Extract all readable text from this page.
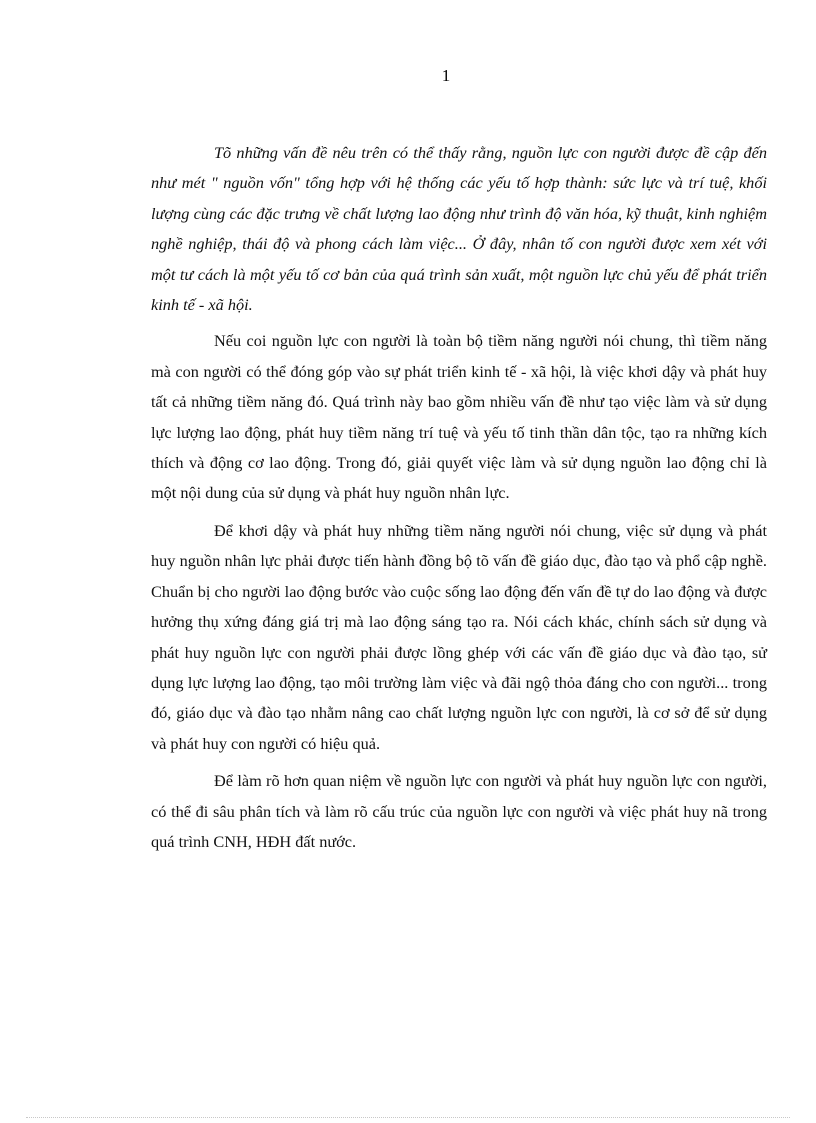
1

Tõ những vấn đề nêu trên có thể thấy rằng, nguồn lực con người được đề cập đến như mét " nguồn vốn" tổng hợp với hệ thống các yếu tố hợp thành: sức lực và trí tuệ, khối lượng cùng các đặc trưng về chất lượng lao động như trình độ văn hóa, kỹ thuật, kinh nghiệm nghề nghiệp, thái độ và phong cách làm việc... Ở đây, nhân tố con người được xem xét với một tư cách là một yếu tố cơ bản của quá trình sản xuất, một nguồn lực chủ yếu để phát triển kinh tế - xã hội.

Nếu coi nguồn lực con người là toàn bộ tiềm năng người nói chung, thì tiềm năng mà con người có thể đóng góp vào sự phát triển kinh tế - xã hội, là việc khơi dậy và phát huy tất cả những tiềm năng đó. Quá trình này bao gồm nhiều vấn đề như tạo việc làm và sử dụng lực lượng lao động, phát huy tiềm năng trí tuệ và yếu tố tinh thần dân tộc, tạo ra những kích thích và động cơ lao động. Trong đó, giải quyết việc làm và sử dụng nguồn lao động chỉ là một nội dung của sử dụng và phát huy nguồn nhân lực.

Để khơi dậy và phát huy những tiềm năng người nói chung, việc sử dụng và phát huy nguồn nhân lực phải được tiến hành đồng bộ tõ vấn đề giáo dục, đào tạo và phổ cập nghề. Chuẩn bị cho người lao động bước vào cuộc sống lao động đến vấn đề tự do lao động và được hưởng thụ xứng đáng giá trị mà lao động sáng tạo ra. Nói cách khác, chính sách sử dụng và phát huy nguồn lực con người phải được lồng ghép với các vấn đề giáo dục và đào tạo, sử dụng lực lượng lao động, tạo môi trường làm việc và đãi ngộ thỏa đáng cho con người... trong đó, giáo dục và đào tạo nhằm nâng cao chất lượng nguồn lực con người, là cơ sở để sử dụng và phát huy con người có hiệu quả.

Để làm rõ hơn quan niệm về nguồn lực con người và phát huy nguồn lực con người, có thể đi sâu phân tích và làm rõ cấu trúc của nguồn lực con người và việc phát huy nã trong quá trình CNH, HĐH đất nước.
